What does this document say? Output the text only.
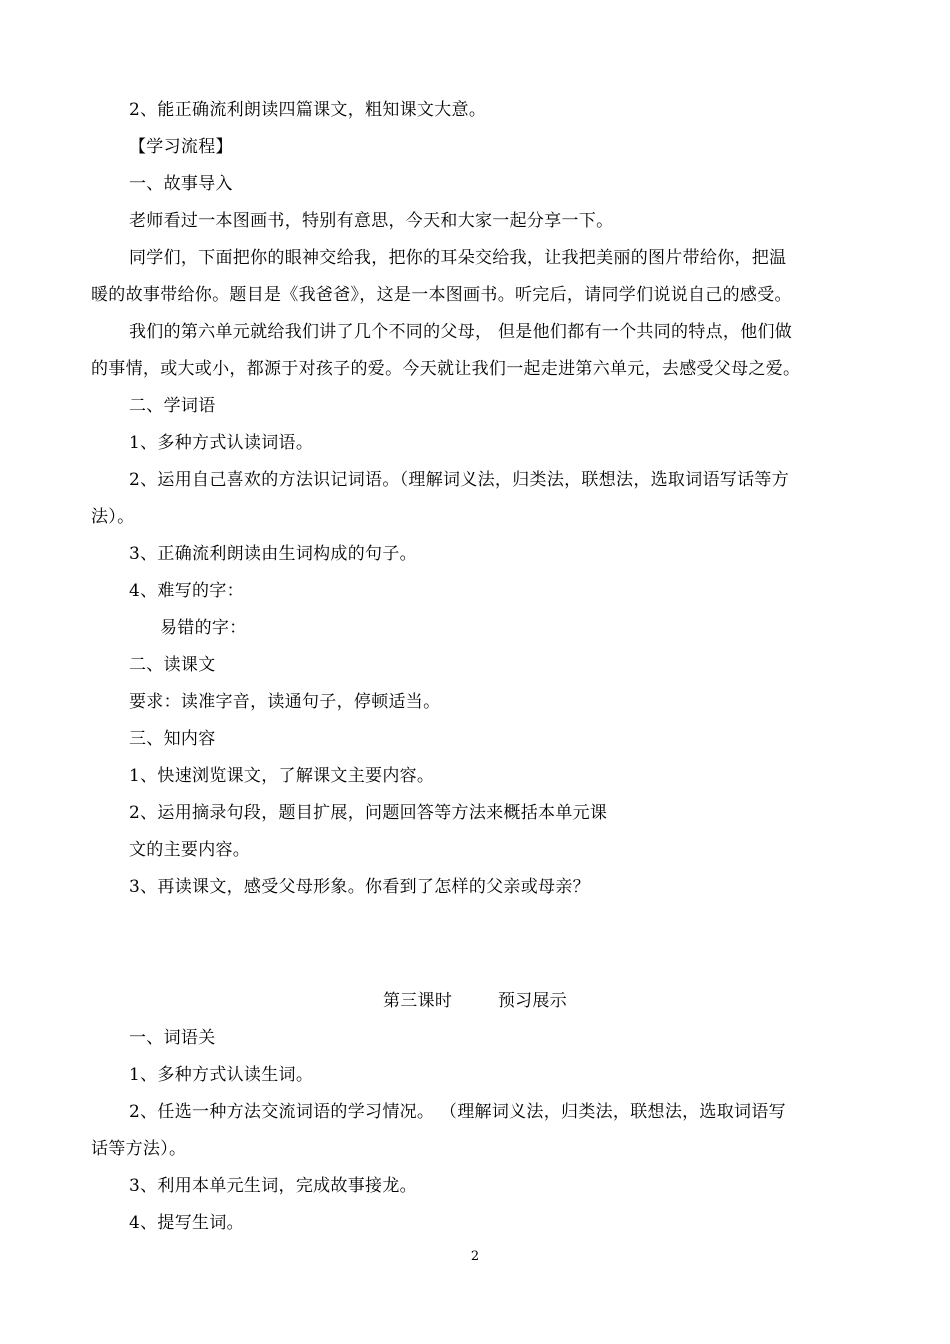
2、能正确流利朗读四篇课文，粗知课文大意。
【学习流程】
一、故事导入
老师看过一本图画书，特别有意思，今天和大家一起分享一下。
同学们，下面把你的眼神交给我，把你的耳朵交给我，让我把美丽的图片带给你，把温
暖的故事带给你。题目是《我爸爸》，这是一本图画书。听完后，请同学们说说自己的感受。
我们的第六单元就给我们讲了几个不同的父母， 但是他们都有一个共同的特点，他们做
的事情，或大或小，都源于对孩子的爱。今天就让我们一起走进第六单元，去感受父母之爱。
二、学词语
1、多种方式认读词语。
2、运用自己喜欢的方法识记词语。（理解词义法，归类法，联想法，选取词语写话等方
法）。
3、正确流利朗读由生词构成的句子。
4、难写的字：
易错的字：
二、读课文
要求：读准字音，读通句子，停顿适当。
三、知内容
1、快速浏览课文，了解课文主要内容。
2、运用摘录句段，题目扩展，问题回答等方法来概括本单元课
文的主要内容。
3、再读课文，感受父母形象。你看到了怎样的父亲或母亲？
第三课时        预习展示
一、词语关
1、多种方式认读生词。
2、任选一种方法交流词语的学习情况。 （理解词义法，归类法，联想法，选取词语写
话等方法）。
3、利用本单元生词，完成故事接龙。
4、提写生词。
2
